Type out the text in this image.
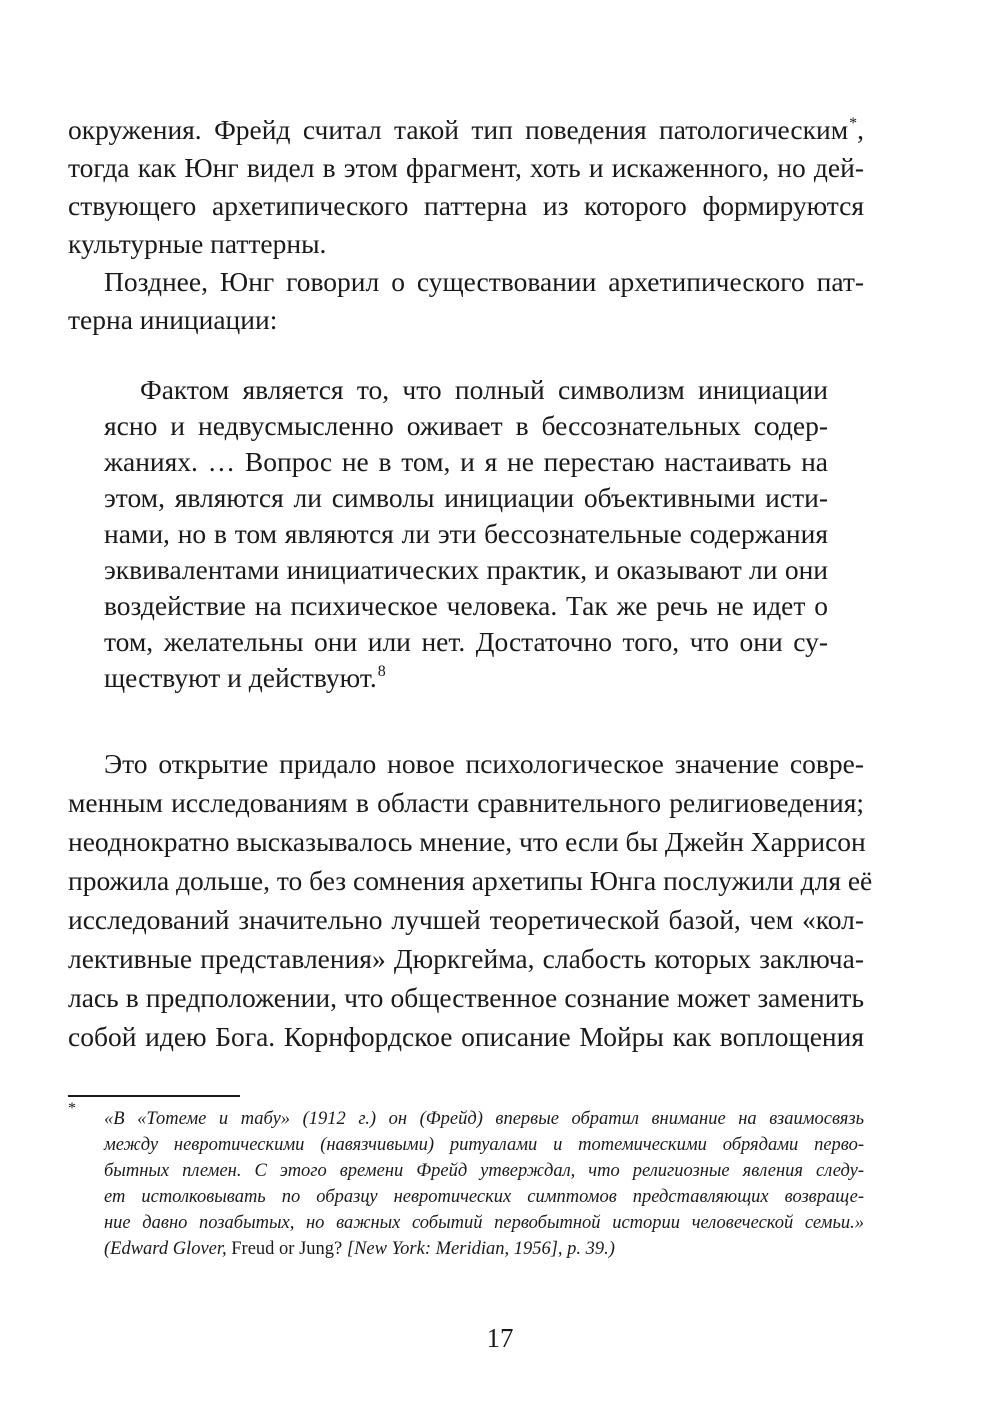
окружения. Фрейд считал такой тип поведения патологическим*,
тогда как Юнг видел в этом фрагмент, хоть и искаженного, но дей-
ствующего архетипического паттерна из которого формируются
культурные паттерны.
Позднее, Юнг говорил о существовании архетипического пат-
терна инициации:
Фактом является то, что полный символизм инициации
ясно и недвусмысленно оживает в бессознательных содер-
жаниях. … Вопрос не в том, и я не перестаю настаивать на
этом, являются ли символы инициации объективными исти-
нами, но в том являются ли эти бессознательные содержания
эквивалентами инициатических практик, и оказывают ли они
воздействие на психическое человека. Так же речь не идет о
том, желательны они или нет. Достаточно того, что они су-
ществуют и действуют.$^8$
Это открытие придало новое психологическое значение совре-
менным исследованиям в области сравнительного религиоведения;
неоднократно высказывалось мнение, что если бы Джейн Харрисон
прожила дольше, то без сомнения архетипы Юнга послужили для её
исследований значительно лучшей теоретической базой, чем «кол-
лективные представления» Дюркгейма, слабость которых заключа-
лась в предположении, что общественное сознание может заменить
собой идею Бога. Корнфордское описание Мойры как воплощения
*
«В «Тотеме и табу» (1912 г.) он (Фрейд) впервые обратил внимание на взаимосвязь
между невротическими (навязчивыми) ритуалами и тотемическими обрядами перво-
бытных племен. С этого времени Фрейд утверждал, что религиозные явления следу-
ет истолковывать по образцу невротических симптомов представляющих возвраще-
ние давно позабытых, но важных событий первобытной истории человеческой семьи.»
(Edward Glover, Freud or Jung? [New York: Meridian, 1956], p. 39.)
17
